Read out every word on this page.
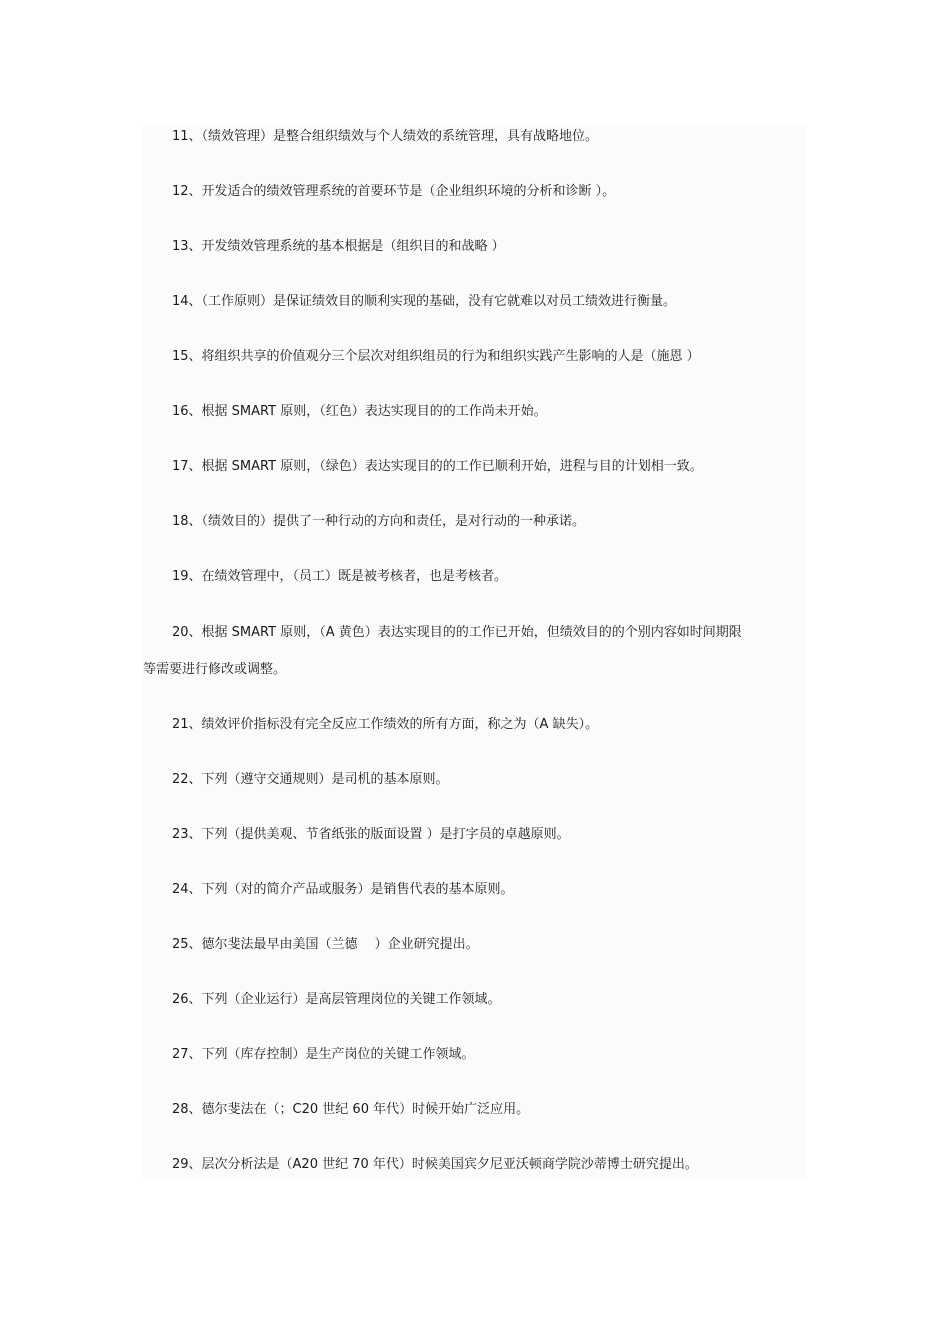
11、（绩效管理）是整合组织绩效与个人绩效的系统管理，具有战略地位。

12、开发适合的绩效管理系统的首要环节是（企业组织环境的分析和诊断 ）。

13、开发绩效管理系统的基本根据是（组织目的和战略 ）

14、（工作原则）是保证绩效目的顺利实现的基础，没有它就难以对员工绩效进行衡量。

15、将组织共享的价值观分三个层次对组织组员的行为和组织实践产生影响的人是（施恩 ）

16、根据 SMART 原则，（红色）表达实现目的的工作尚未开始。

17、根据 SMART 原则，（绿色）表达实现目的的工作已顺利开始，进程与目的计划相一致。

18、（绩效目的）提供了一种行动的方向和责任，是对行动的一种承诺。

19、在绩效管理中，（员工）既是被考核者，也是考核者。

20、根据 SMART 原则，（A 黄色）表达实现目的的工作已开始，但绩效目的的个别内容如时间期限
等需要进行修改或调整。

21、绩效评价指标没有完全反应工作绩效的所有方面，称之为（A 缺失）。

22、下列（遵守交通规则）是司机的基本原则。

23、下列（提供美观、节省纸张的版面设置 ）是打字员的卓越原则。

24、下列（对的简介产品或服务）是销售代表的基本原则。

25、德尔斐法最早由美国（兰德　 ）企业研究提出。

26、下列（企业运行）是高层管理岗位的关键工作领域。

27、下列（库存控制）是生产岗位的关键工作领域。

28、德尔斐法在（；C20 世纪 60 年代）时候开始广泛应用。

29、层次分析法是（A20 世纪 70 年代）时候美国宾夕尼亚沃顿商学院沙蒂博士研究提出。
